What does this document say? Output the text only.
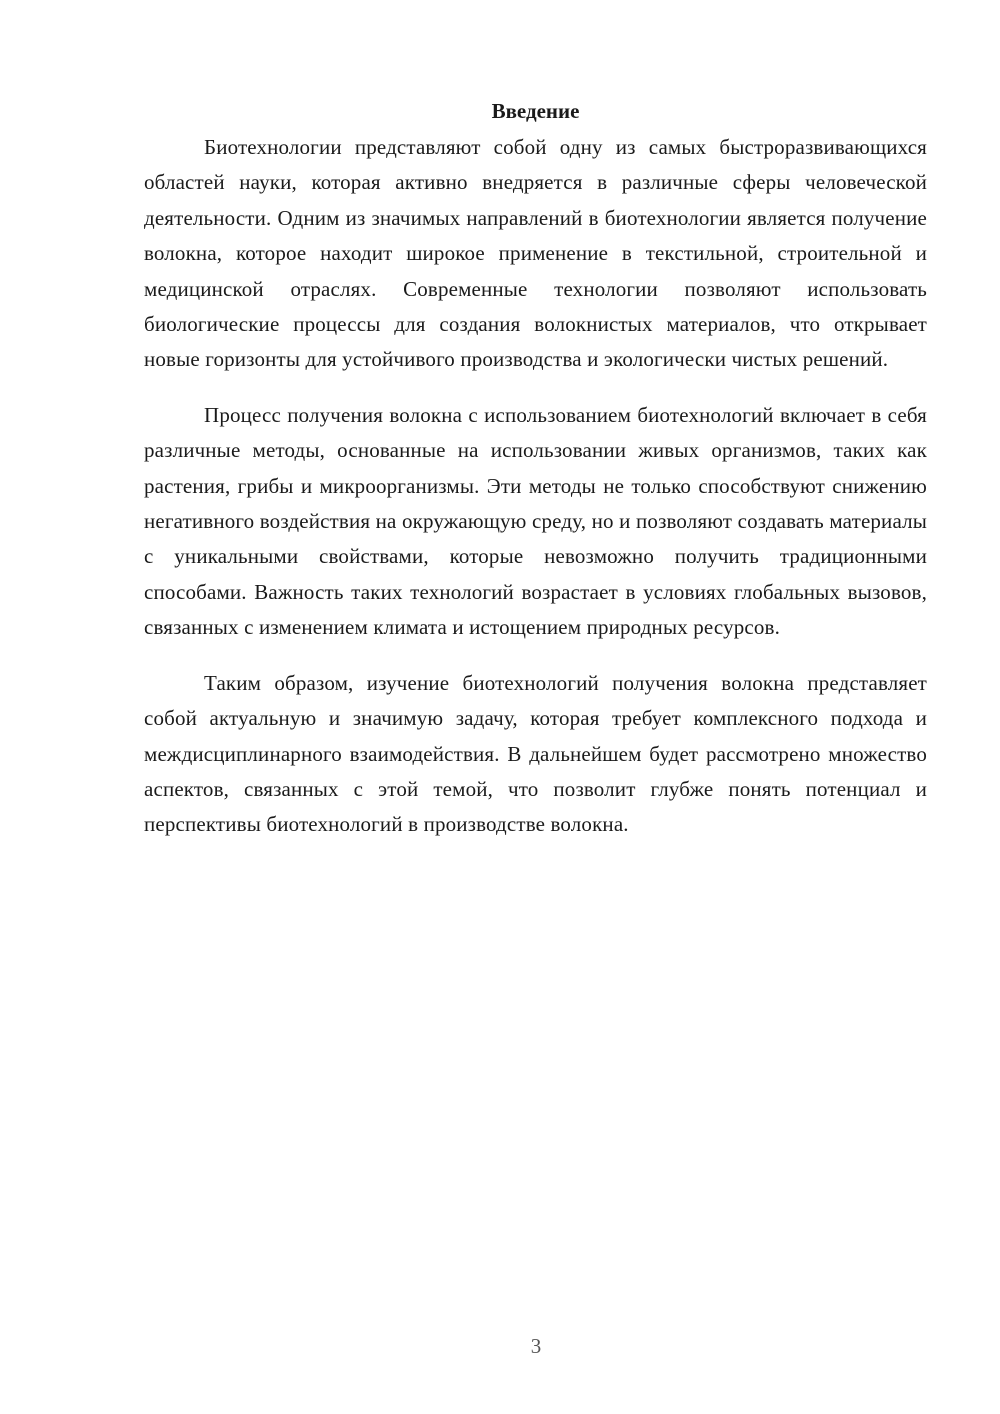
Введение

Биотехнологии представляют собой одну из самых быстроразвивающихся областей науки, которая активно внедряется в различные сферы человеческой деятельности. Одним из значимых направлений в биотехнологии является получение волокна, которое находит широкое применение в текстильной, строительной и медицинской отраслях. Современные технологии позволяют использовать биологические процессы для создания волокнистых материалов, что открывает новые горизонты для устойчивого производства и экологически чистых решений.

Процесс получения волокна с использованием биотехнологий включает в себя различные методы, основанные на использовании живых организмов, таких как растения, грибы и микроорганизмы. Эти методы не только способствуют снижению негативного воздействия на окружающую среду, но и позволяют создавать материалы с уникальными свойствами, которые невозможно получить традиционными способами. Важность таких технологий возрастает в условиях глобальных вызовов, связанных с изменением климата и истощением природных ресурсов.

Таким образом, изучение биотехнологий получения волокна представляет собой актуальную и значимую задачу, которая требует комплексного подхода и междисциплинарного взаимодействия. В дальнейшем будет рассмотрено множество аспектов, связанных с этой темой, что позволит глубже понять потенциал и перспективы биотехнологий в производстве волокна.

3
